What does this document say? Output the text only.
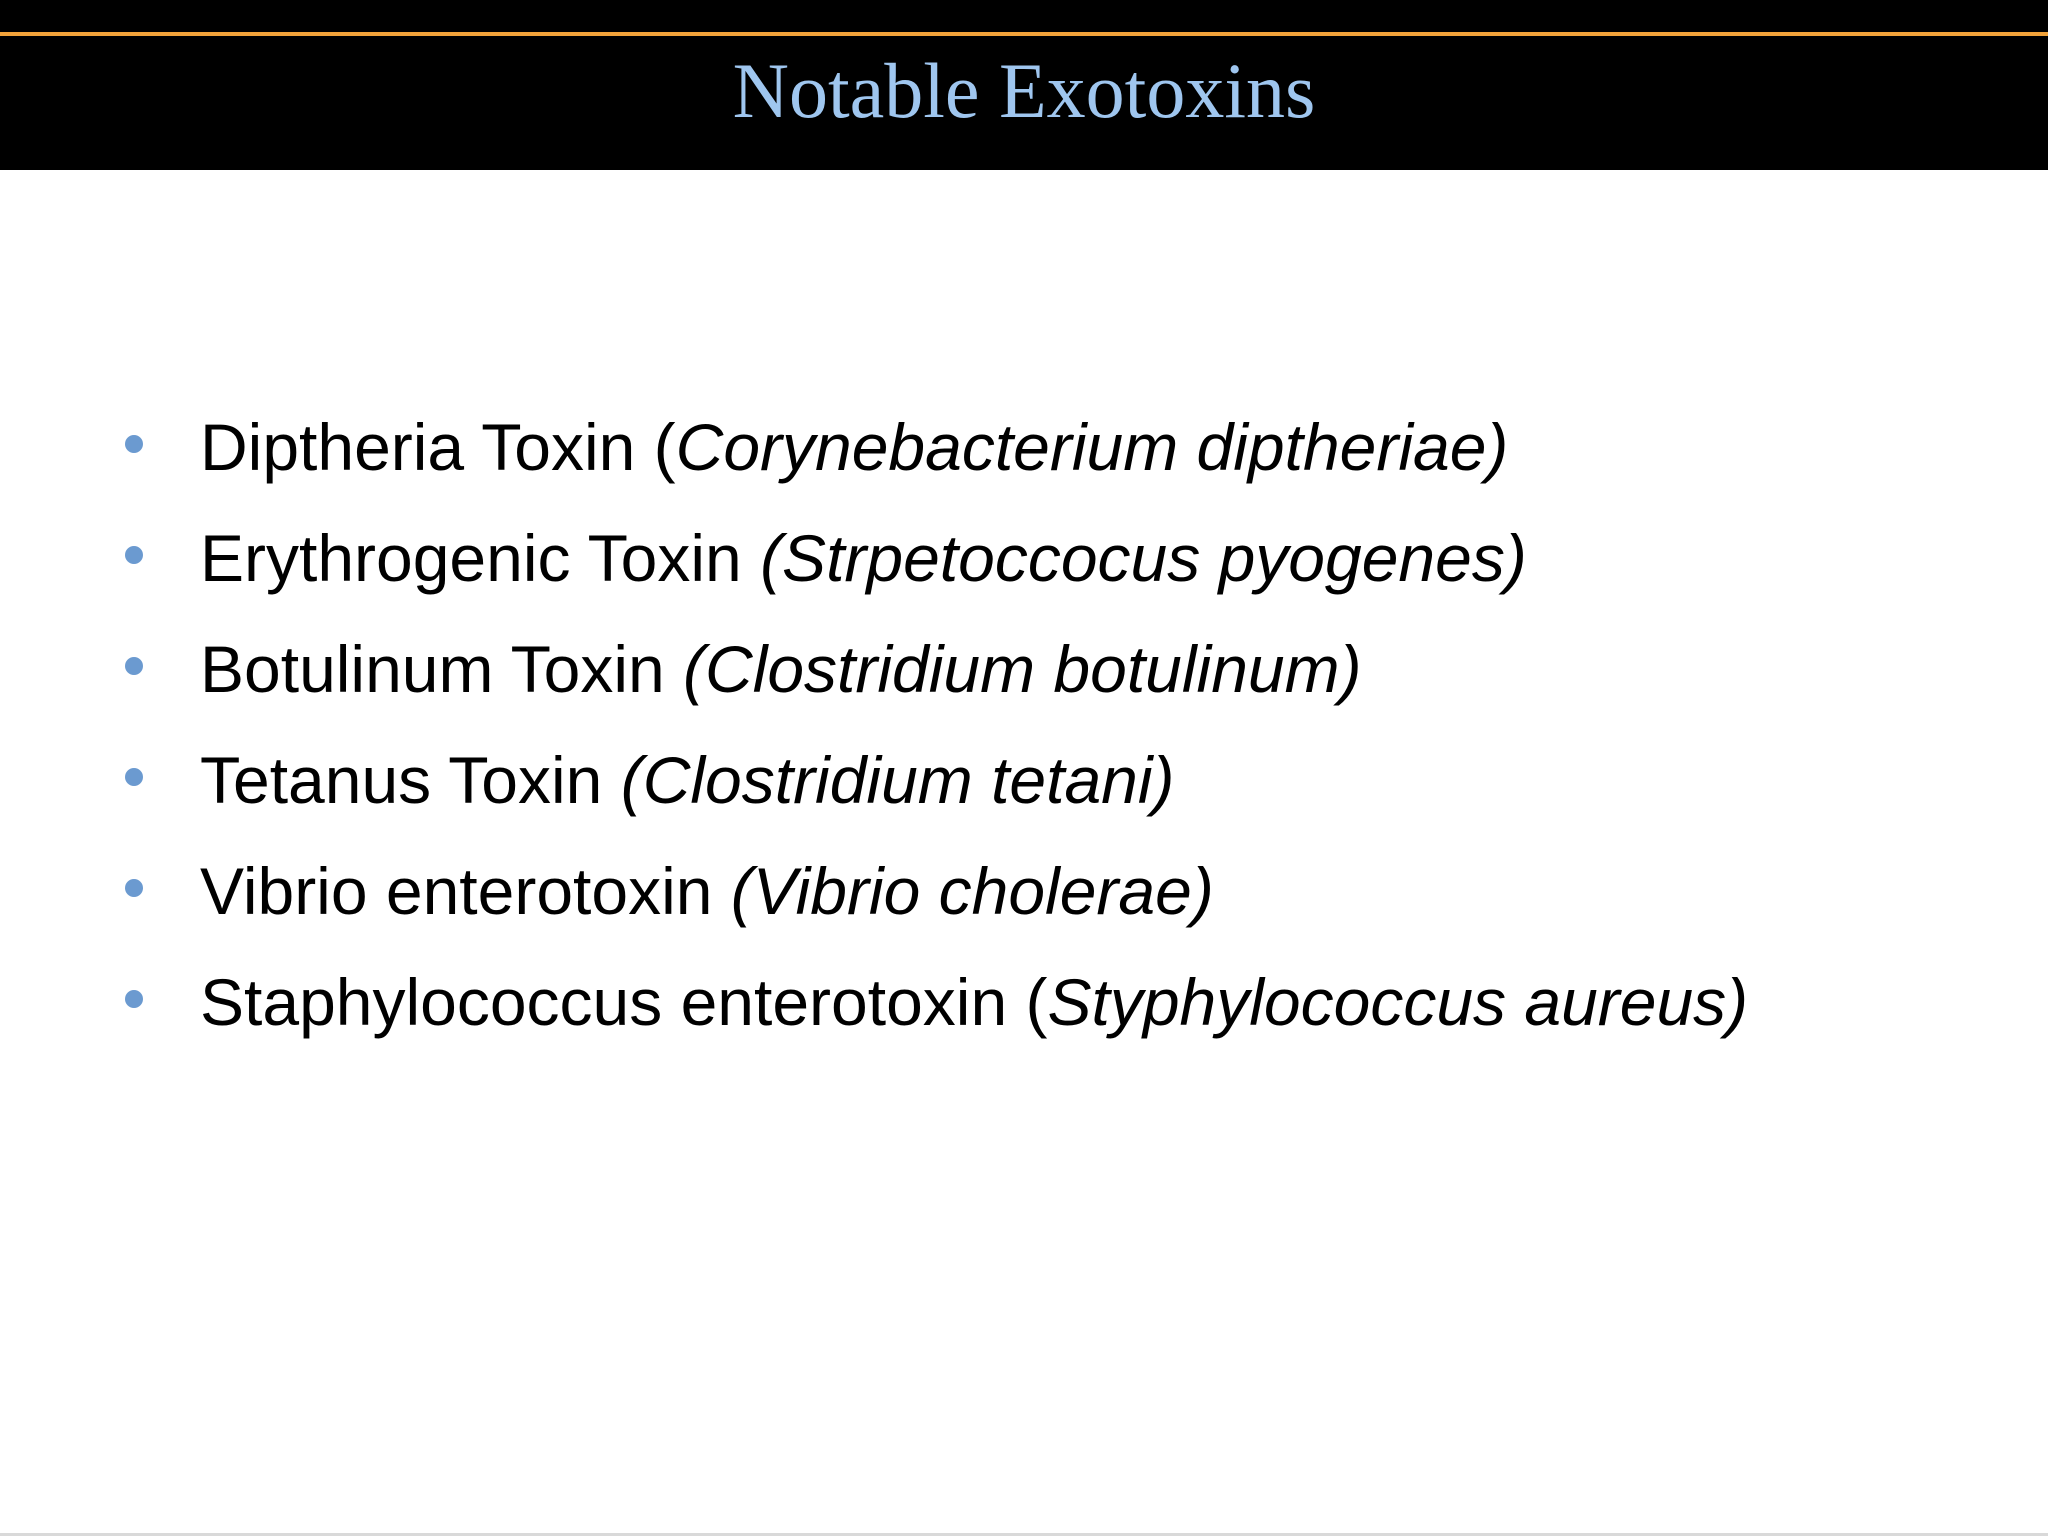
Notable Exotoxins
Diptheria Toxin (Corynebacterium diptheriae)
Erythrogenic Toxin (Strpetoccocus pyogenes)
Botulinum Toxin (Clostridium botulinum)
Tetanus Toxin (Clostridium tetani)
Vibrio enterotoxin (Vibrio cholerae)
Staphylococcus enterotoxin (Styphylococcus aureus)
